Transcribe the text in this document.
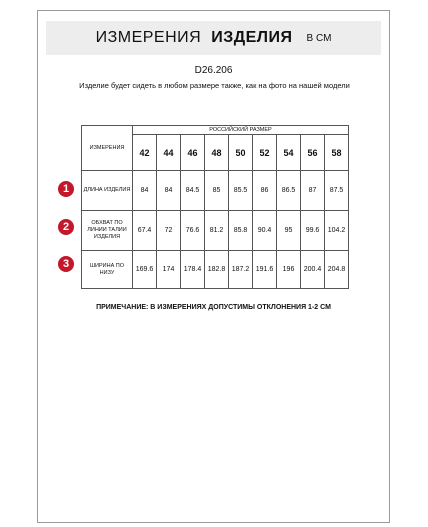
ИЗМЕРЕНИЯ ИЗДЕЛИЯ В СМ
D26.206
Изделие будет сидеть в любом размере также, как на фото на нашей модели
ИЗМЕРЕНИЯ	РОССИЙСКИЙ РАЗМЕР								
	42	44	46	48	50	52	54	56	58
ДЛИНА ИЗДЕЛИЯ	84	84	84.5	85	85.5	86	86.5	87	87.5
ОБХВАТ ПО ЛИНИИ ТАЛИИ ИЗДЕЛИЯ	67.4	72	76.6	81.2	85.8	90.4	95	99.6	104.2
ШИРИНА ПО НИЗУ	169.6	174	178.4	182.8	187.2	191.6	196	200.4	204.8
1
2
3
ПРИМЕЧАНИЕ: В ИЗМЕРЕНИЯХ ДОПУСТИМЫ ОТКЛОНЕНИЯ 1-2 СМ
